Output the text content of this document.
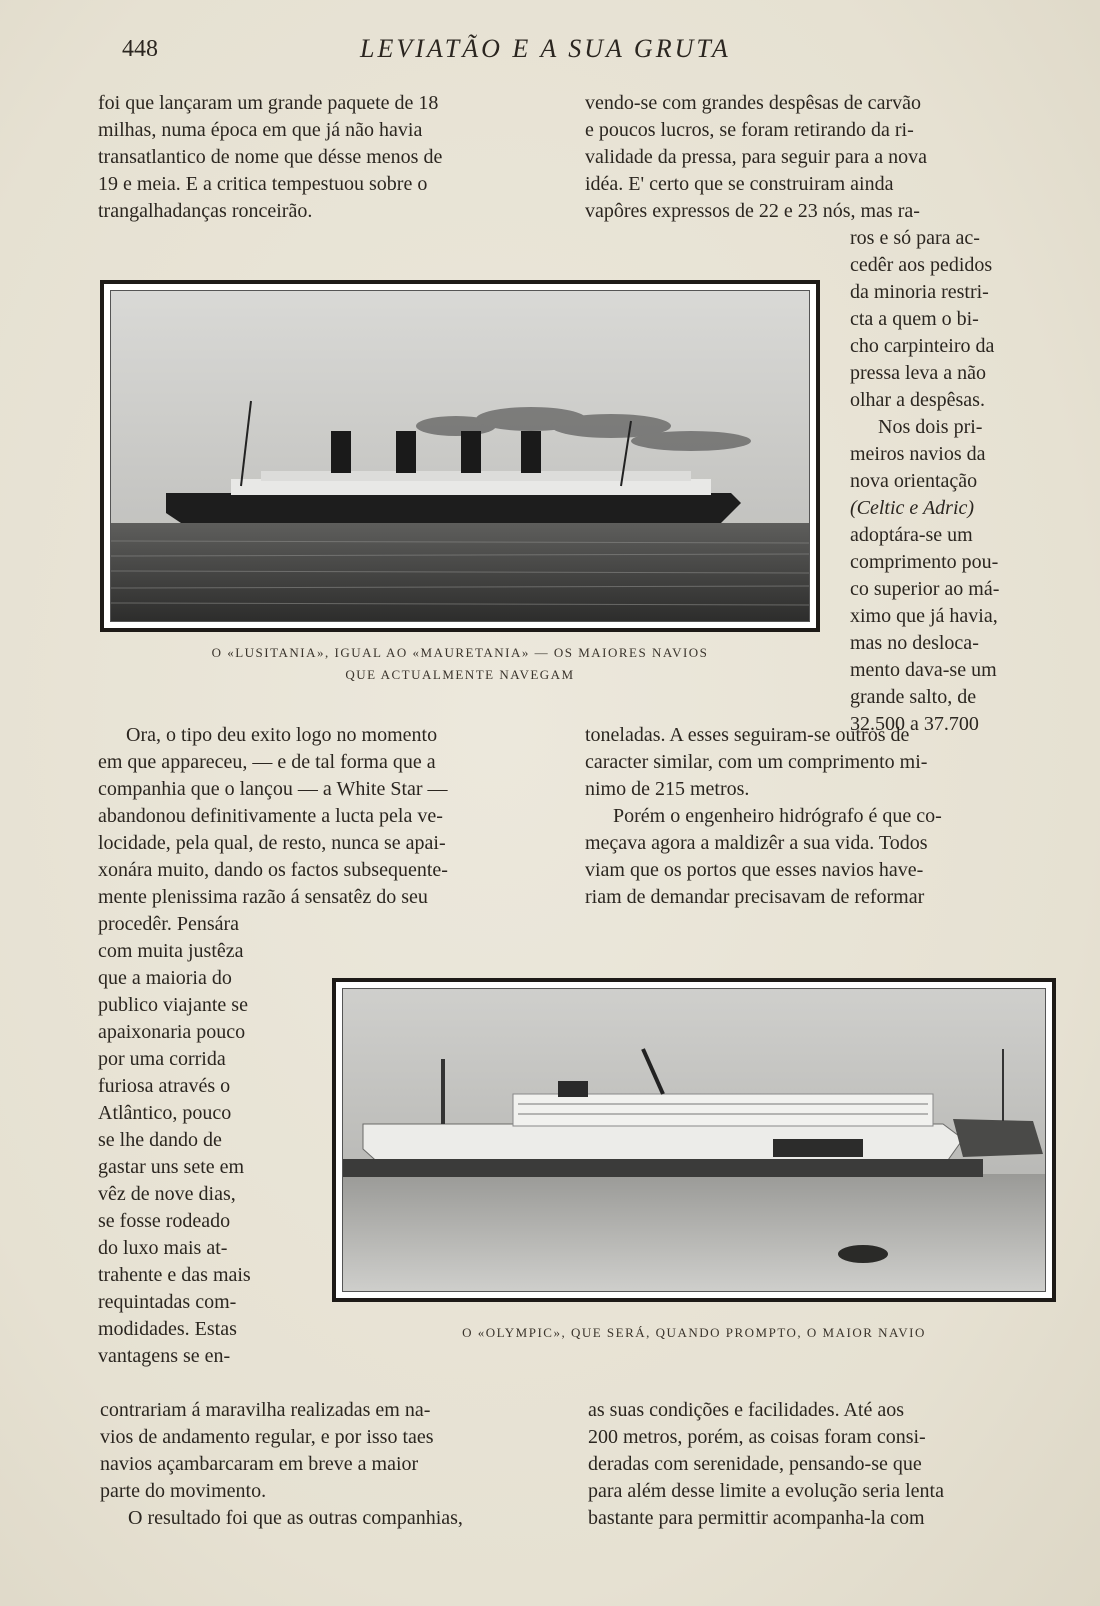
448	LEVIATÃO E A SUA GRUTA

foi que lançaram um grande paquete de 18

milhas, numa época em que já não havia

transatlantico de nome que désse menos de

19 e meia. E a critica tempestuou sobre o

trangalhadanças ronceirão.

vendo-se com grandes despêsas de carvão

e poucos lucros, se foram retirando da ri-

validade da pressa, para seguir para a nova

idéa. E' certo que se construiram ainda

vapôres expressos de 22 e 23 nós, mas ra-

ros e só para ac-

cedêr aos pedidos

da minoria restri-

cta a quem o bi-

cho carpinteiro da

pressa leva a não

olhar a despêsas.

Nos dois pri-

meiros navios da

nova orientação

(Celtic e Adric)

adoptára-se um

comprimento pou-

co superior ao má-

ximo que já havia,

mas no desloca-

mento dava-se um

grande salto, de

32.500 a 37.700

O «LUSITANIA», IGUAL AO «MAURETANIA» — OS MAIORES NAVIOS
QUE ACTUALMENTE NAVEGAM

Ora, o tipo deu exito logo no momento

em que appareceu, — e de tal forma que a

companhia que o lançou — a White Star —

abandonou definitivamente a lucta pela ve-

locidade, pela qual, de resto, nunca se apai-

xonára muito, dando os factos subsequente-

mente plenissima razão á sensatêz do seu

toneladas. A esses seguiram-se outros de

caracter similar, com um comprimento mi-

nimo de 215 metros.

Porém o engenheiro hidrógrafo é que co-

meçava agora a maldizêr a sua vida. Todos

viam que os portos que esses navios have-

riam de demandar precisavam de reformar

procedêr. Pensára

com muita justêza

que a maioria do

publico viajante se

apaixonaria pouco

por uma corrida

furiosa através o

Atlântico, pouco

se lhe dando de

gastar uns sete em

vêz de nove dias,

se fosse rodeado

do luxo mais at-

trahente e das mais

requintadas com-

modidades. Estas

vantagens se en-

O «OLYMPIC», QUE SERÁ, QUANDO PROMPTO, O MAIOR NAVIO

contrariam á maravilha realizadas em na-

vios de andamento regular, e por isso taes

navios açambarcaram em breve a maior

parte do movimento.

O resultado foi que as outras companhias,

as suas condições e facilidades. Até aos

200 metros, porém, as coisas foram consi-

deradas com serenidade, pensando-se que

para além desse limite a evolução seria lenta

bastante para permittir acompanha-la com
